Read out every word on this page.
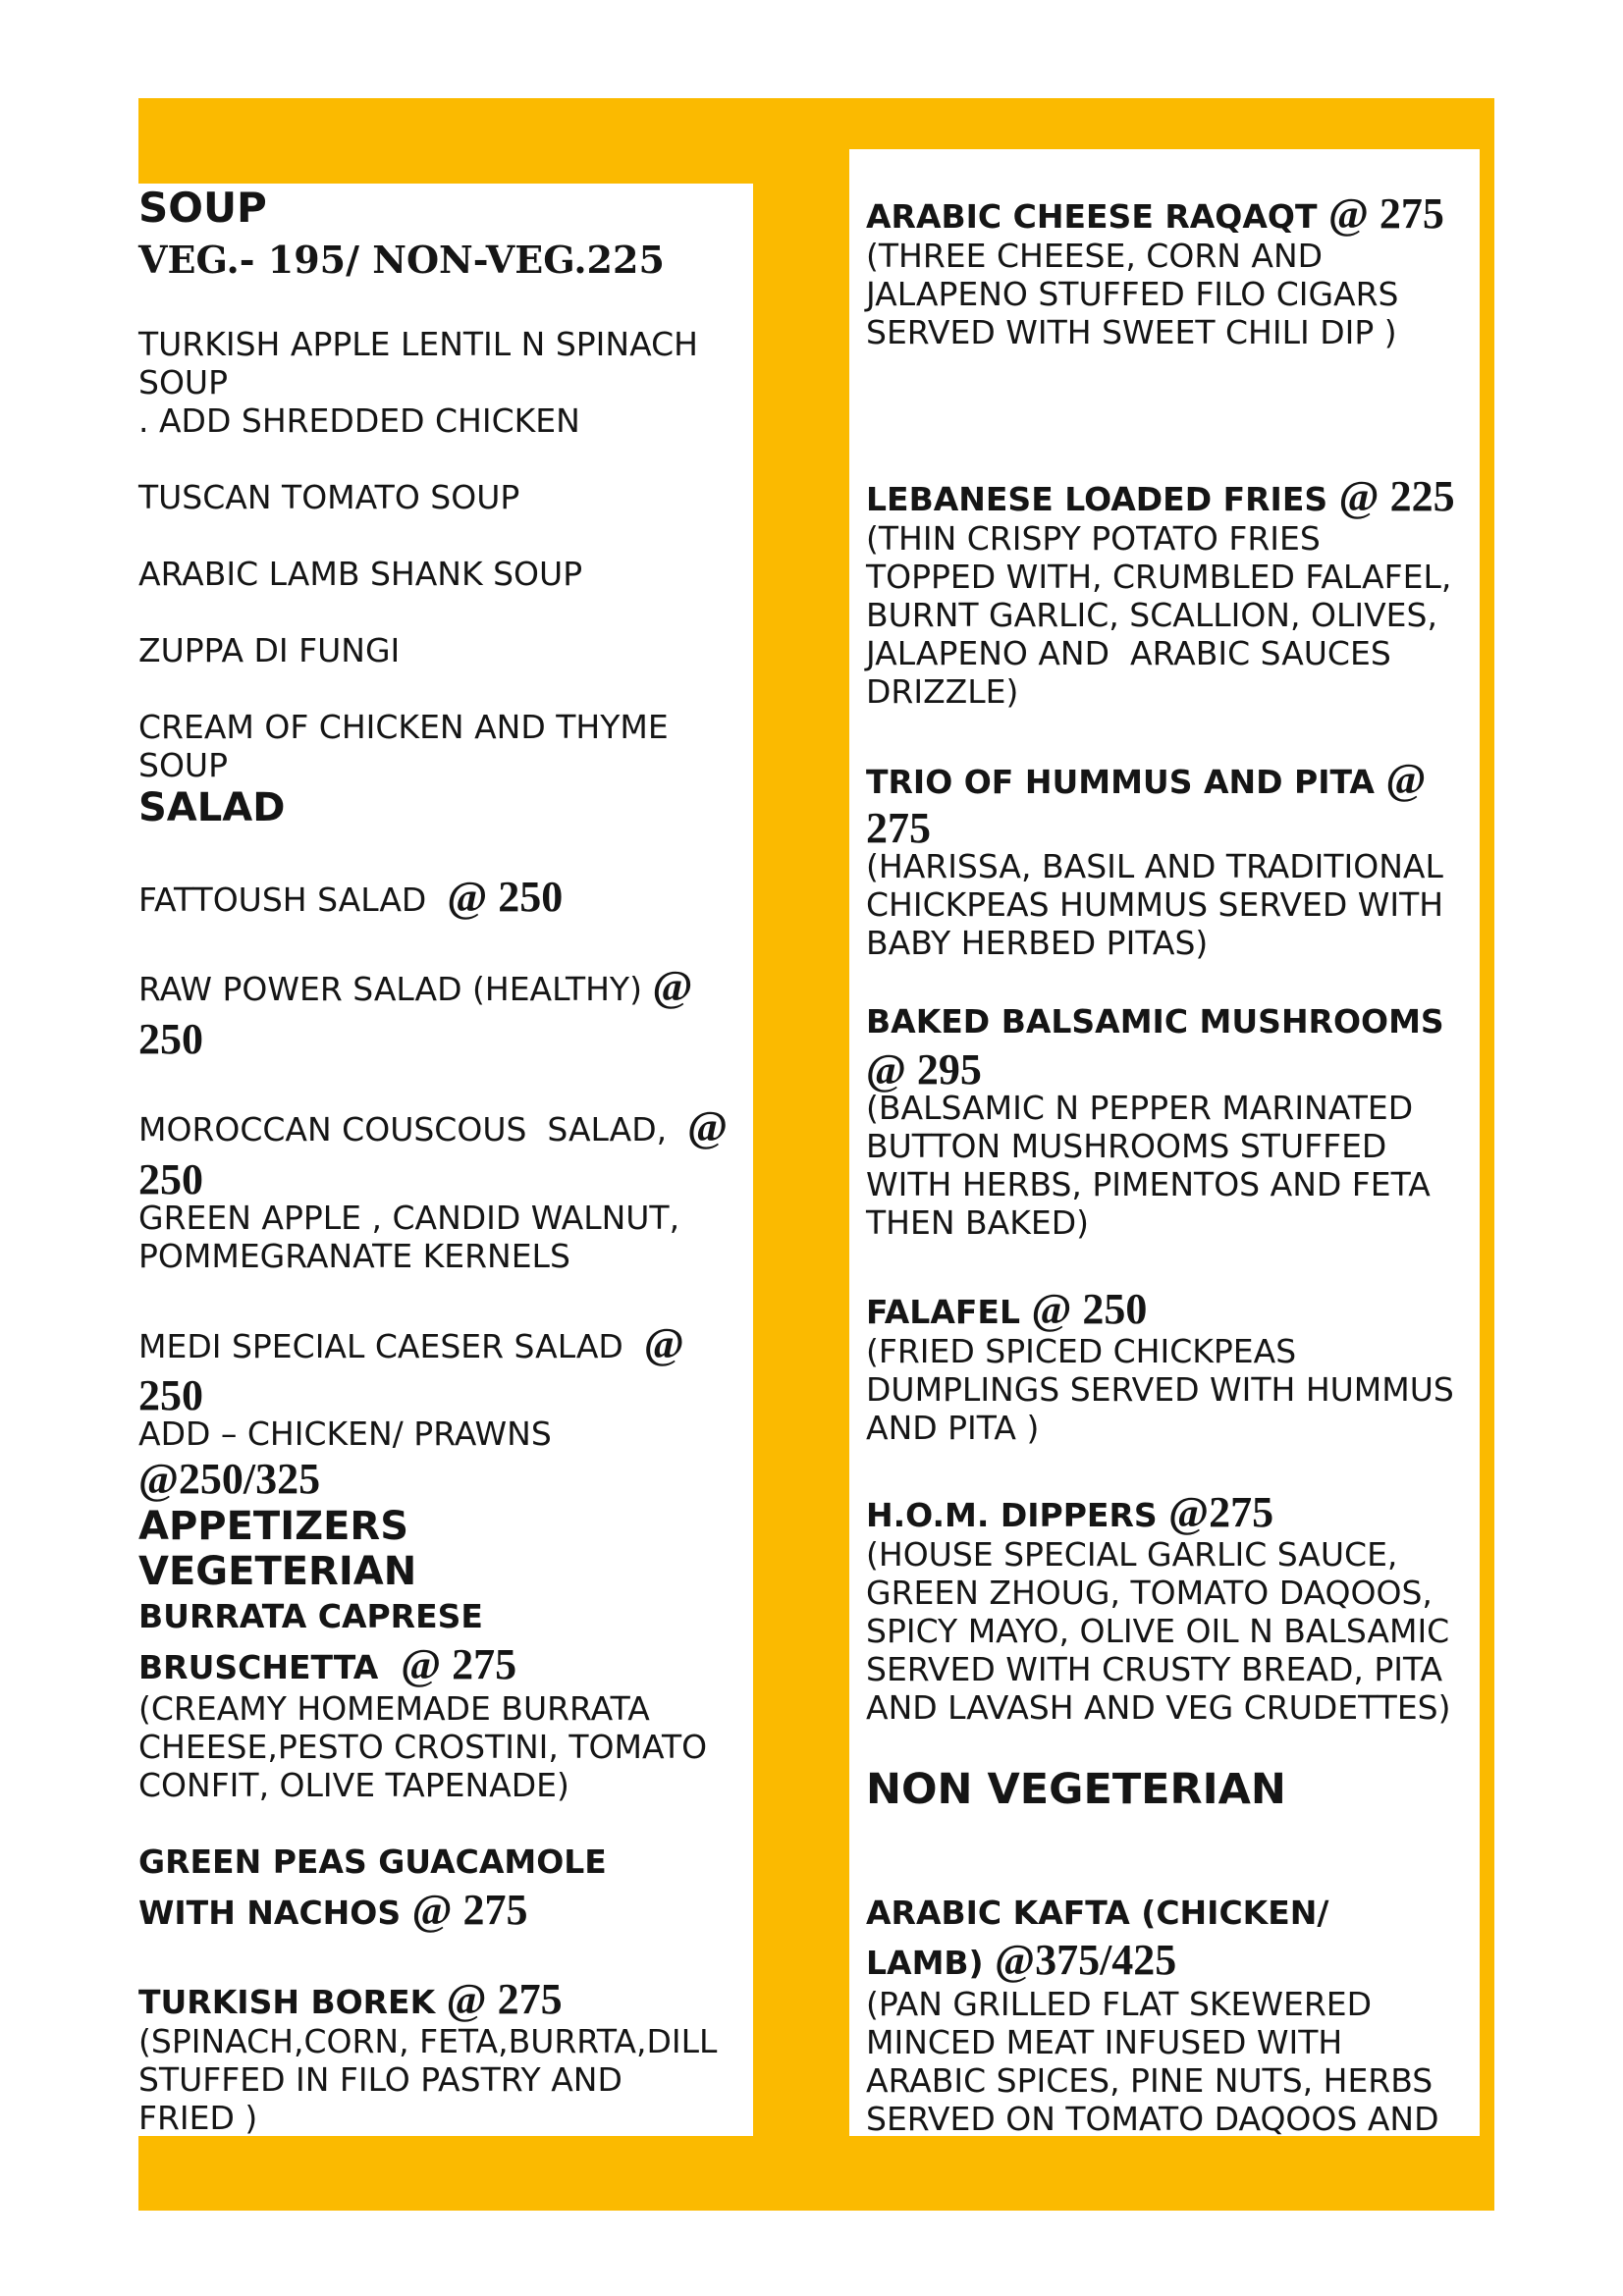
SOUP
VEG.- 195/ NON-VEG.225
TURKISH APPLE LENTIL N SPINACH
SOUP
. ADD SHREDDED CHICKEN
TUSCAN TOMATO SOUP
ARABIC LAMB SHANK SOUP
ZUPPA DI FUNGI
CREAM OF CHICKEN AND THYME
SOUP
SALAD
FATTOUSH SALAD  @ 250
RAW POWER SALAD (HEALTHY) @
250
MOROCCAN COUSCOUS  SALAD,  @
250
GREEN APPLE , CANDID WALNUT,
POMMEGRANATE KERNELS
MEDI SPECIAL CAESER SALAD  @
250
ADD – CHICKEN/ PRAWNS
@250/325
APPETIZERS
VEGETERIAN
BURRATA CAPRESE
BRUSCHETTA  @ 275
(CREAMY HOMEMADE BURRATA
CHEESE,PESTO CROSTINI, TOMATO
CONFIT, OLIVE TAPENADE)
GREEN PEAS GUACAMOLE
WITH NACHOS @ 275
TURKISH BOREK @ 275
(SPINACH,CORN, FETA,BURRTA,DILL
STUFFED IN FILO PASTRY AND
FRIED )
ARABIC CHEESE RAQAQT @ 275
(THREE CHEESE, CORN AND
JALAPENO STUFFED FILO CIGARS
SERVED WITH SWEET CHILI DIP )
LEBANESE LOADED FRIES @ 225
(THIN CRISPY POTATO FRIES
TOPPED WITH, CRUMBLED FALAFEL,
BURNT GARLIC, SCALLION, OLIVES,
JALAPENO AND  ARABIC SAUCES
DRIZZLE)
TRIO OF HUMMUS AND PITA @
275
(HARISSA, BASIL AND TRADITIONAL
CHICKPEAS HUMMUS SERVED WITH
BABY HERBED PITAS)
BAKED BALSAMIC MUSHROOMS
@ 295
(BALSAMIC N PEPPER MARINATED
BUTTON MUSHROOMS STUFFED
WITH HERBS, PIMENTOS AND FETA
THEN BAKED)
FALAFEL @ 250
(FRIED SPICED CHICKPEAS
DUMPLINGS SERVED WITH HUMMUS
AND PITA )
H.O.M. DIPPERS @275
(HOUSE SPECIAL GARLIC SAUCE,
GREEN ZHOUG, TOMATO DAQOOS,
SPICY MAYO, OLIVE OIL N BALSAMIC
SERVED WITH CRUSTY BREAD, PITA
AND LAVASH AND VEG CRUDETTES)
NON VEGETERIAN
ARABIC KAFTA (CHICKEN/
LAMB) @375/425
(PAN GRILLED FLAT SKEWERED
MINCED MEAT INFUSED WITH
ARABIC SPICES, PINE NUTS, HERBS
SERVED ON TOMATO DAQOOS AND
